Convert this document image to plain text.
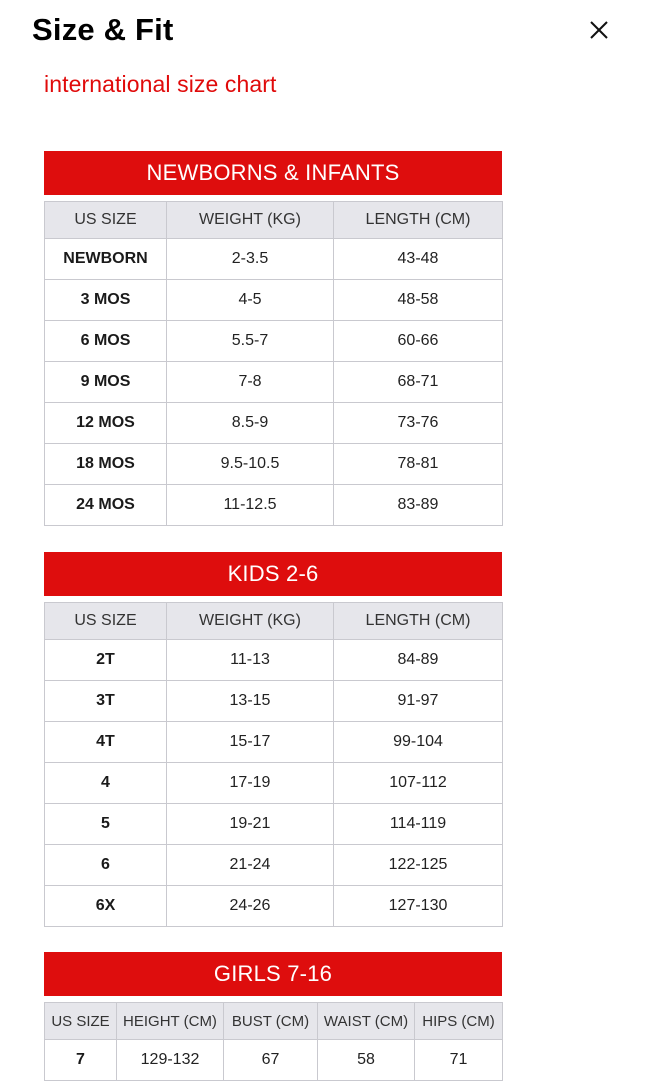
Size & Fit
international size chart
NEWBORNS & INFANTS
US SIZE	WEIGHT (KG)	LENGTH (CM)
NEWBORN	2-3.5	43-48
3 MOS	4-5	48-58
6 MOS	5.5-7	60-66
9 MOS	7-8	68-71
12 MOS	8.5-9	73-76
18 MOS	9.5-10.5	78-81
24 MOS	11-12.5	83-89
KIDS 2-6
US SIZE	WEIGHT (KG)	LENGTH (CM)
2T	11-13	84-89
3T	13-15	91-97
4T	15-17	99-104
4	17-19	107-112
5	19-21	114-119
6	21-24	122-125
6X	24-26	127-130
GIRLS 7-16
US SIZE	HEIGHT (CM)	BUST (CM)	WAIST (CM)	HIPS (CM)
7	129-132	67	58	71
